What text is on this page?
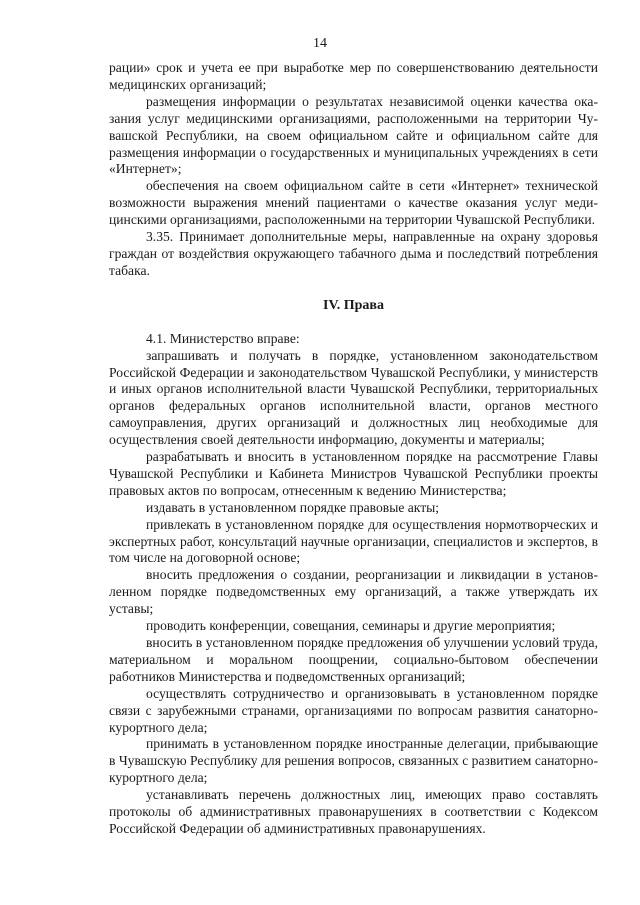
14

рации» срок и учета ее при выработке мер по совершенствованию деятельности медицинских организаций;

размещения информации о результатах независимой оценки качества оказания услуг медицинскими организациями, расположенными на территории Чувашской Республики, на своем официальном сайте и официальном сайте для размещения информации о государственных и муниципальных учреждениях в сети «Интернет»;

обеспечения на своем официальном сайте в сети «Интернет» технической возможности выражения мнений пациентами о качестве оказания услуг медицинскими организациями, расположенными на территории Чувашской Республики.

3.35. Принимает дополнительные меры, направленные на охрану здоровья граждан от воздействия окружающего табачного дыма и последствий потребления табака.

IV. Права

4.1. Министерство вправе:

запрашивать и получать в порядке, установленном законодательством Российской Федерации и законодательством Чувашской Республики, у министерств и иных органов исполнительной власти Чувашской Республики, территориальных органов федеральных органов исполнительной власти, органов местного самоуправления, других организаций и должностных лиц необходимые для осуществления своей деятельности информацию, документы и материалы;

разрабатывать и вносить в установленном порядке на рассмотрение Главы Чувашской Республики и Кабинета Министров Чувашской Республики проекты правовых актов по вопросам, отнесенным к ведению Министерства;

издавать в установленном порядке правовые акты;

привлекать в установленном порядке для осуществления нормотворческих и экспертных работ, консультаций научные организации, специалистов и экспертов, в том числе на договорной основе;

вносить предложения о создании, реорганизации и ликвидации в установленном порядке подведомственных ему организаций, а также утверждать их уставы;

проводить конференции, совещания, семинары и другие мероприятия;

вносить в установленном порядке предложения об улучшении условий труда, материальном и моральном поощрении, социально-бытовом обеспечении работников Министерства и подведомственных организаций;

осуществлять сотрудничество и организовывать в установленном порядке связи с зарубежными странами, организациями по вопросам развития санаторно-курортного дела;

принимать в установленном порядке иностранные делегации, прибывающие в Чувашскую Республику для решения вопросов, связанных с развитием санаторно-курортного дела;

устанавливать перечень должностных лиц, имеющих право составлять протоколы об административных правонарушениях в соответствии с Кодексом Российской Федерации об административных правонарушениях.
